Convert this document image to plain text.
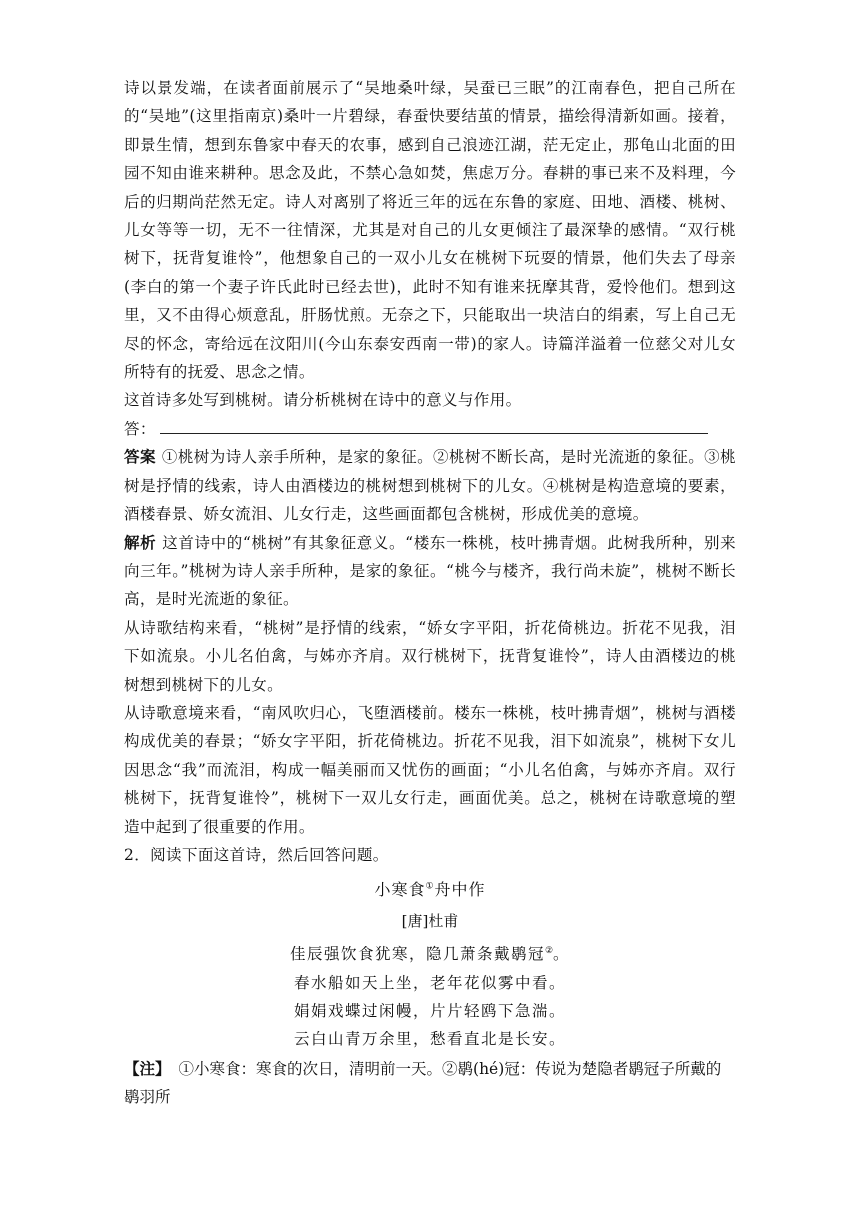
诗以景发端，在读者面前展示了“吴地桑叶绿，吴蚕已三眠”的江南春色，把自己所在的“吴地”(这里指南京)桑叶一片碧绿，春蚕快要结茧的情景，描绘得清新如画。接着，即景生情，想到东鲁家中春天的农事，感到自己浪迹江湖，茫无定止，那龟山北面的田园不知由谁来耕种。思念及此，不禁心急如焚，焦虑万分。春耕的事已来不及料理，今后的归期尚茫然无定。诗人对离别了将近三年的远在东鲁的家庭、田地、酒楼、桃树、儿女等等一切，无不一往情深，尤其是对自己的儿女更倾注了最深挚的感情。“双行桃树下，抚背复谁怜”，他想象自己的一双小儿女在桃树下玩耍的情景，他们失去了母亲(李白的第一个妻子许氏此时已经去世)，此时不知有谁来抚摩其背，爱怜他们。想到这里，又不由得心烦意乱，肝肠忧煎。无奈之下，只能取出一块洁白的绢素，写上自己无尽的怀念，寄给远在汶阳川(今山东泰安西南一带)的家人。诗篇洋溢着一位慈父对儿女所特有的抚爱、思念之情。

这首诗多处写到桃树。请分析桃树在诗中的意义与作用。

答：

答案 ①桃树为诗人亲手所种，是家的象征。②桃树不断长高，是时光流逝的象征。③桃树是抒情的线索，诗人由酒楼边的桃树想到桃树下的儿女。④桃树是构造意境的要素，酒楼春景、娇女流泪、儿女行走，这些画面都包含桃树，形成优美的意境。

解析 这首诗中的“桃树”有其象征意义。“楼东一株桃，枝叶拂青烟。此树我所种，别来向三年。”桃树为诗人亲手所种，是家的象征。“桃今与楼齐，我行尚未旋”，桃树不断长高，是时光流逝的象征。

从诗歌结构来看，“桃树”是抒情的线索，“娇女字平阳，折花倚桃边。折花不见我，泪下如流泉。小儿名伯禽，与姊亦齐肩。双行桃树下，抚背复谁怜”，诗人由酒楼边的桃树想到桃树下的儿女。

从诗歌意境来看，“南风吹归心，飞堕酒楼前。楼东一株桃，枝叶拂青烟”，桃树与酒楼构成优美的春景；“娇女字平阳，折花倚桃边。折花不见我，泪下如流泉”，桃树下女儿因思念“我”而流泪，构成一幅美丽而又忧伤的画面；“小儿名伯禽，与姊亦齐肩。双行桃树下，抚背复谁怜”，桃树下一双儿女行走，画面优美。总之，桃树在诗歌意境的塑造中起到了很重要的作用。

2．阅读下面这首诗，然后回答问题。

小寒食①舟中作
[唐]杜甫
佳辰强饮食犹寒，隐几萧条戴鹖冠②。
春水船如天上坐，老年花似雾中看。
娟娟戏蝶过闲幔，片片轻鸥下急湍。
云白山青万余里，愁看直北是长安。
【注】 ①小寒食：寒食的次日，清明前一天。②鹖(hé)冠：传说为楚隐者鹖冠子所戴的鹖羽所
